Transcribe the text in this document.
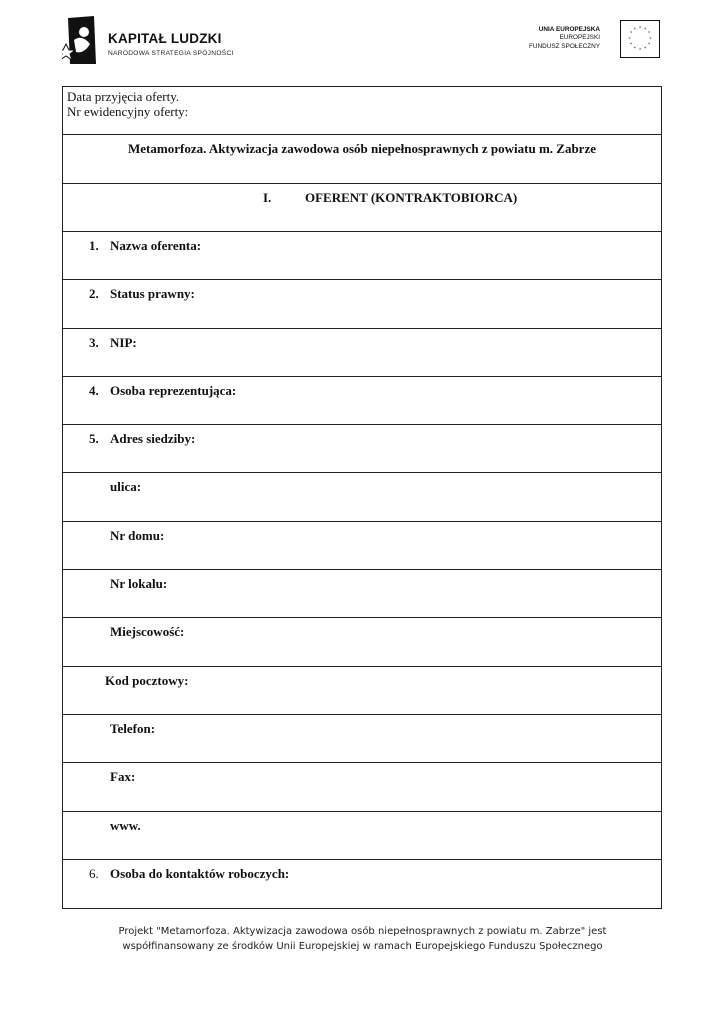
KAPITAŁ LUDZKI
NARODOWA STRATEGIA SPÓJNOŚCI
UNIA EUROPEJSKA
EUROPEJSKI
FUNDUSZ SPOŁECZNY
* *
*
*
*
*
*
*
*
*
*
*
Data przyjęcia oferty.
Nr ewidencyjny oferty:
Metamorfoza. Aktywizacja zawodowa osób niepełnosprawnych z powiatu m. Zabrze
I.	OFERENT (KONTRAKTOBIORCA)
1. Nazwa oferenta:
2. Status prawny:
3. NIP:
4. Osoba reprezentująca:
5. Adres siedziby:
ulica:
Nr domu:
Nr lokalu:
Miejscowość:
Kod pocztowy:
Telefon:
Fax:
www.
6. Osoba do kontaktów roboczych:
Projekt "Metamorfoza. Aktywizacja zawodowa osób niepełnosprawnych z powiatu m. Zabrze" jest
współfinansowany ze środków Unii Europejskiej w ramach Europejskiego Funduszu Społecznego
